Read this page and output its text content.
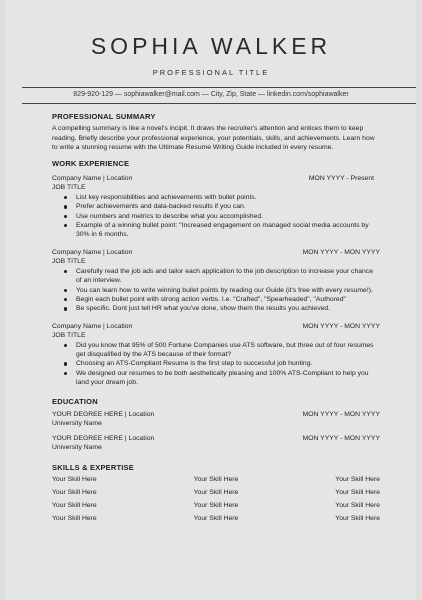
SOPHIA WALKER
PROFESSIONAL TITLE
829-920-129 — sophiawalker@mail.com — City, Zip, State — linkedin.com/sophiawalker
PROFESSIONAL SUMMARY
A compelling summary is like a novel's incipit. It draws the recruiter's attention and entices them to keep reading. Briefly describe your professional experience, your potentials, skills, and achievements. Learn how to write a stunning resume with the Ultimate Resume Writing Guide included in every resume.
WORK EXPERIENCE
Company Name | Location	MON YYYY - Present
JOB TITLE
List key responsibilities and achievements with bullet points.
Prefer achievements and data-backed results if you can.
Use numbers and metrics to describe what you accomplished.
Example of a winning bullet point: "Increased engagement on managed social media accounts by 30% in 6 months.
Company Name | Location	MON YYYY - MON YYYY
JOB TITLE
Carefully read the job ads and tailor each application to the job description to increase your chance of an interview.
You can learn how to write winning bullet points by reading our Guide (it's free with every resume!).
Begin each bullet point with strong action verbs. I.e. "Crafted", "Spearheaded", "Authored"
Be specific. Dont just tell HR what you've done, show them the results you achieved.
Company Name | Location	MON YYYY - MON YYYY
JOB TITLE
Did you know that 95% of 500 Fortune Companies use ATS software, but three out of four resumes get disqualified by the ATS because of their format?
Choosing an ATS-Compliant Resume is the first step to successful job hunting.
We designed our resumes to be both aesthetically pleasing and 100% ATS-Compliant to help you land your dream job.
EDUCATION
YOUR DEGREE HERE | Location	MON YYYY - MON YYYY
University Name
YOUR DEGREE HERE | Location	MON YYYY - MON YYYY
University Name
SKILLS & EXPERTISE
Your Skill Here	Your Skill Here	Your Skill Here
Your Skill Here	Your Skill Here	Your Skill Here
Your Skill Here	Your Skill Here	Your Skill Here
Your Skill Here	Your Skill Here	Your Skill Here
